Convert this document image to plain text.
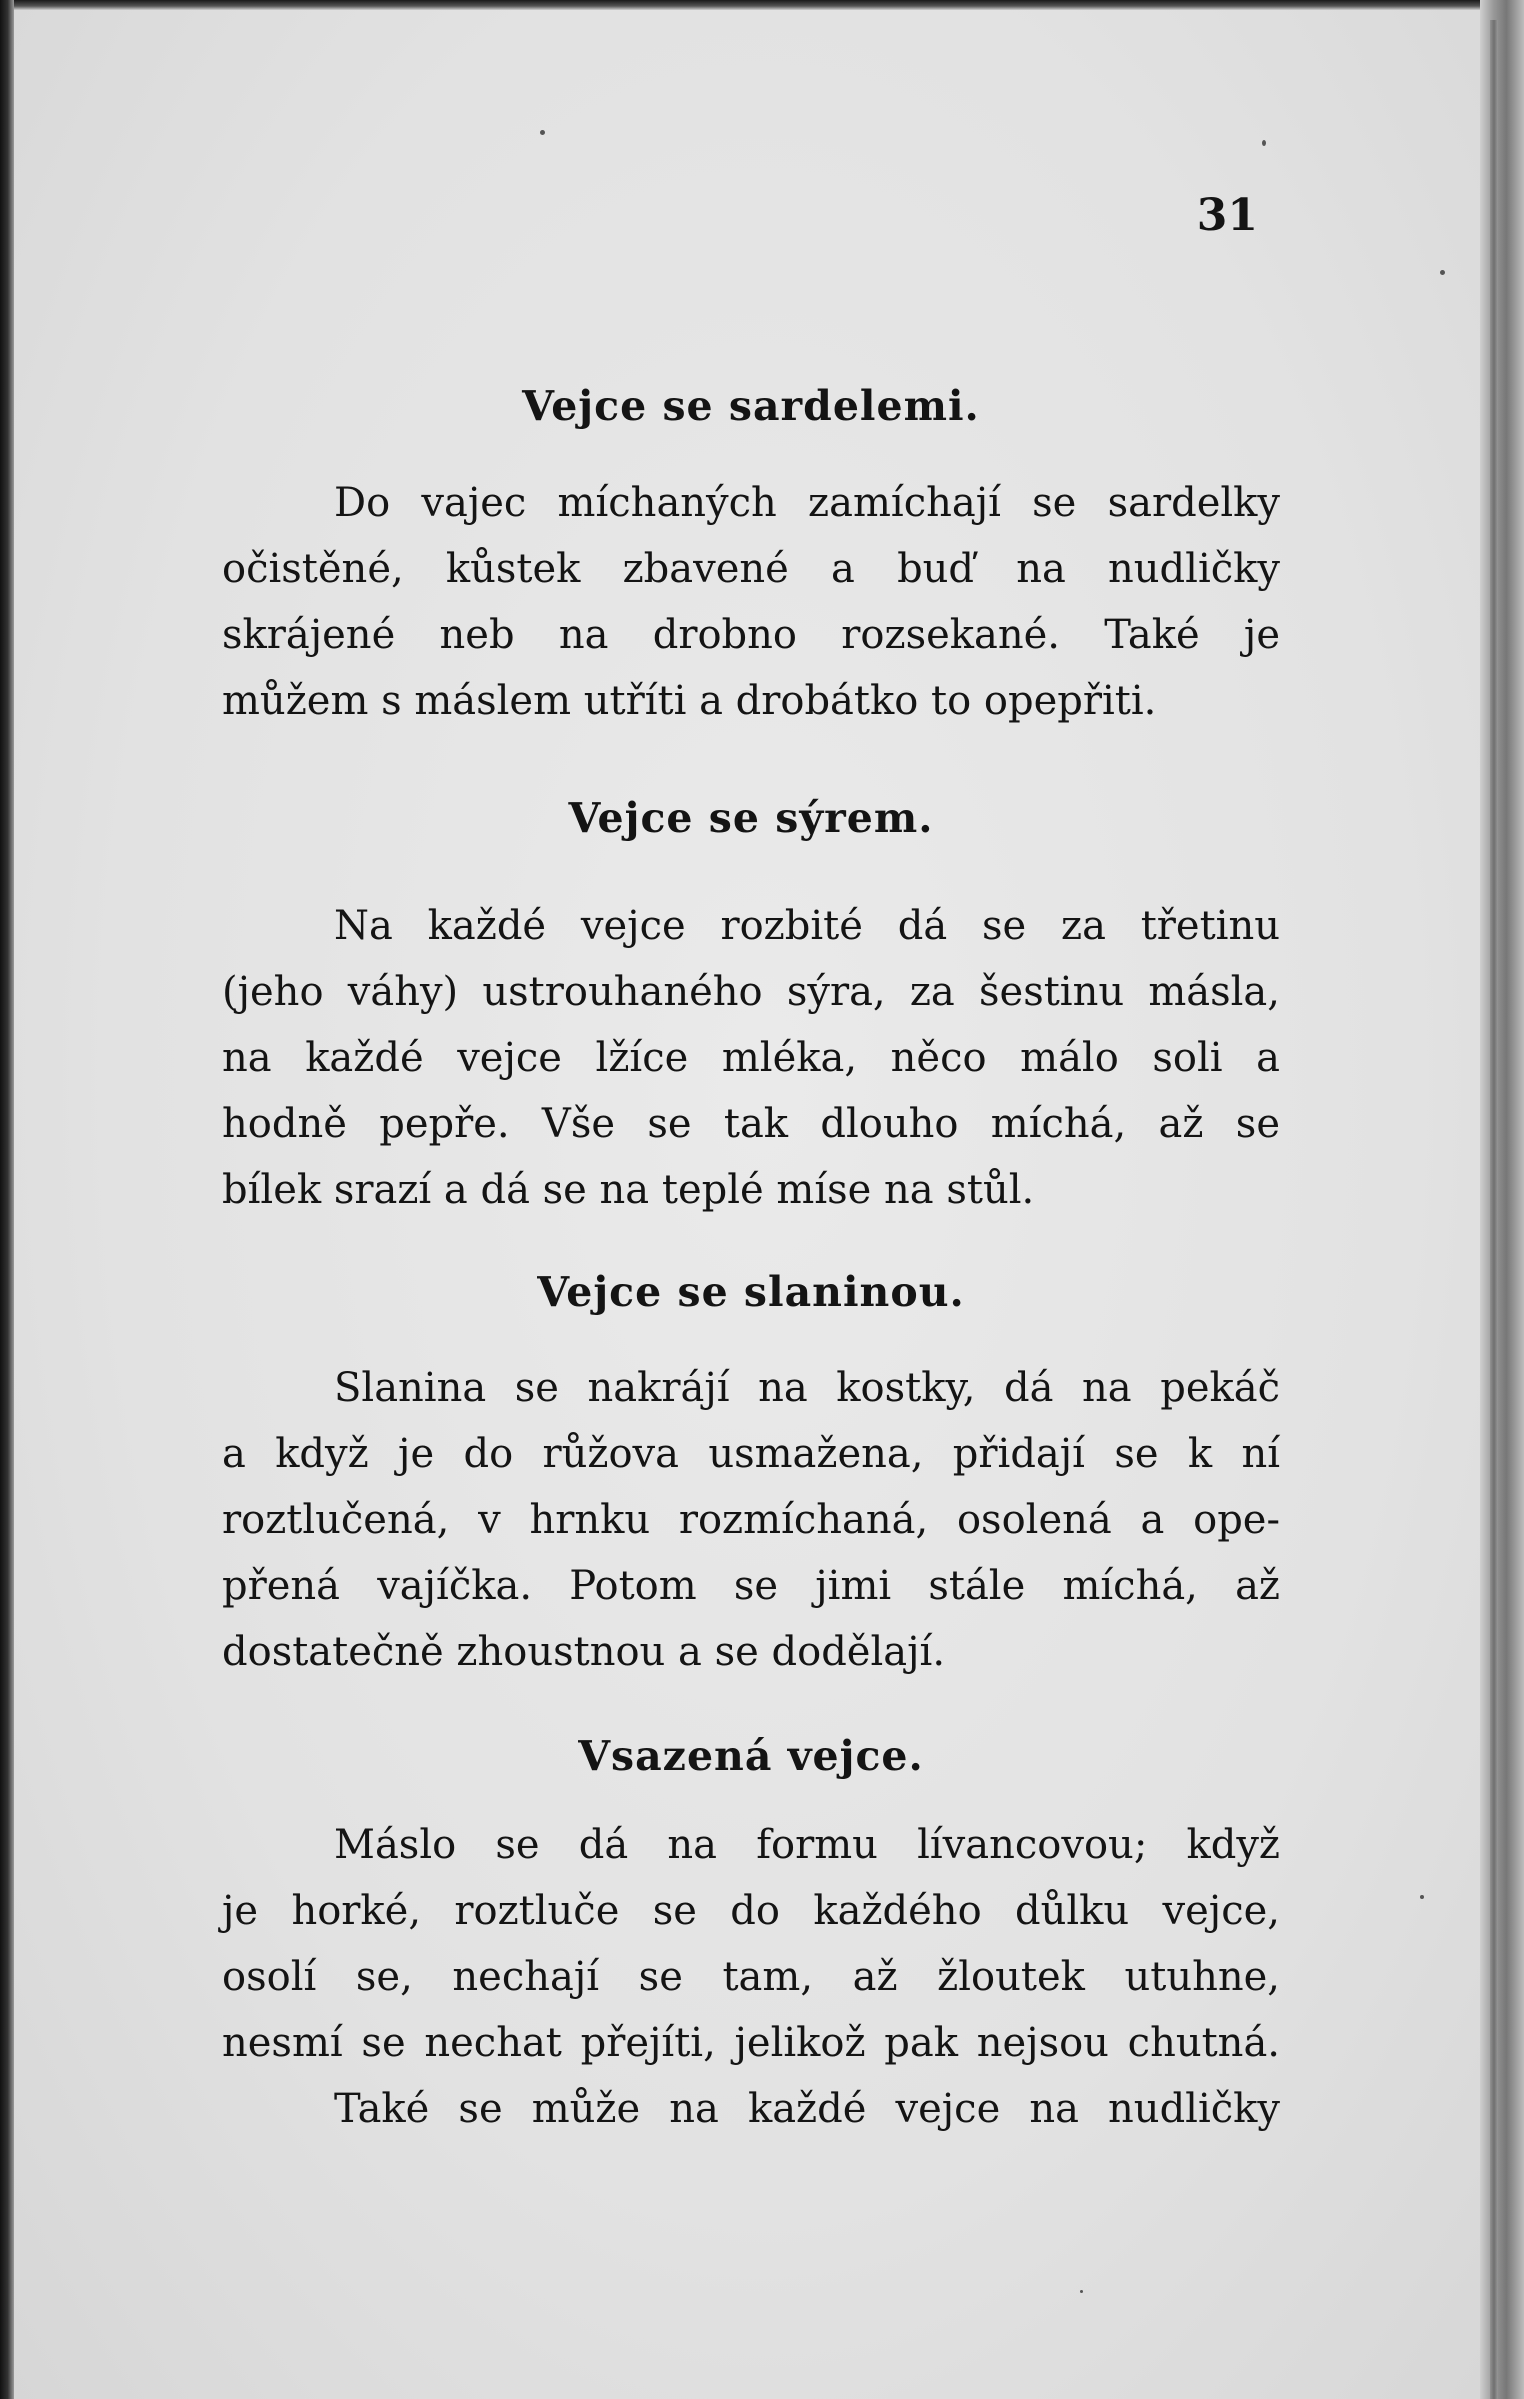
31
Vejce se sardelemi.
Do vajec míchaných zamíchají se sardelky
očistěné, kůstek zbavené a buď na nudličky
skrájené neb na drobno rozsekané. Také je
můžem s máslem utříti a drobátko to opepřiti.
Vejce se sýrem.
Na každé vejce rozbité dá se za třetinu
(jeho váhy) ustrouhaného sýra, za šestinu másla,
na každé vejce lžíce mléka, něco málo soli a
hodně pepře. Vše se tak dlouho míchá, až se
bílek srazí a dá se na teplé míse na stůl.
Vejce se slaninou.
Slanina se nakrájí na kostky, dá na pekáč
a když je do růžova usmažena, přidají se k ní
roztlučená, v hrnku rozmíchaná, osolená a ope-
přená vajíčka. Potom se jimi stále míchá, až
dostatečně zhoustnou a se dodělají.
Vsazená vejce.
Máslo se dá na formu lívancovou; když
je horké, roztluče se do každého důlku vejce,
osolí se, nechají se tam, až žloutek utuhne,
nesmí se nechat přejíti, jelikož pak nejsou chutná.
Také se může na každé vejce na nudličky
